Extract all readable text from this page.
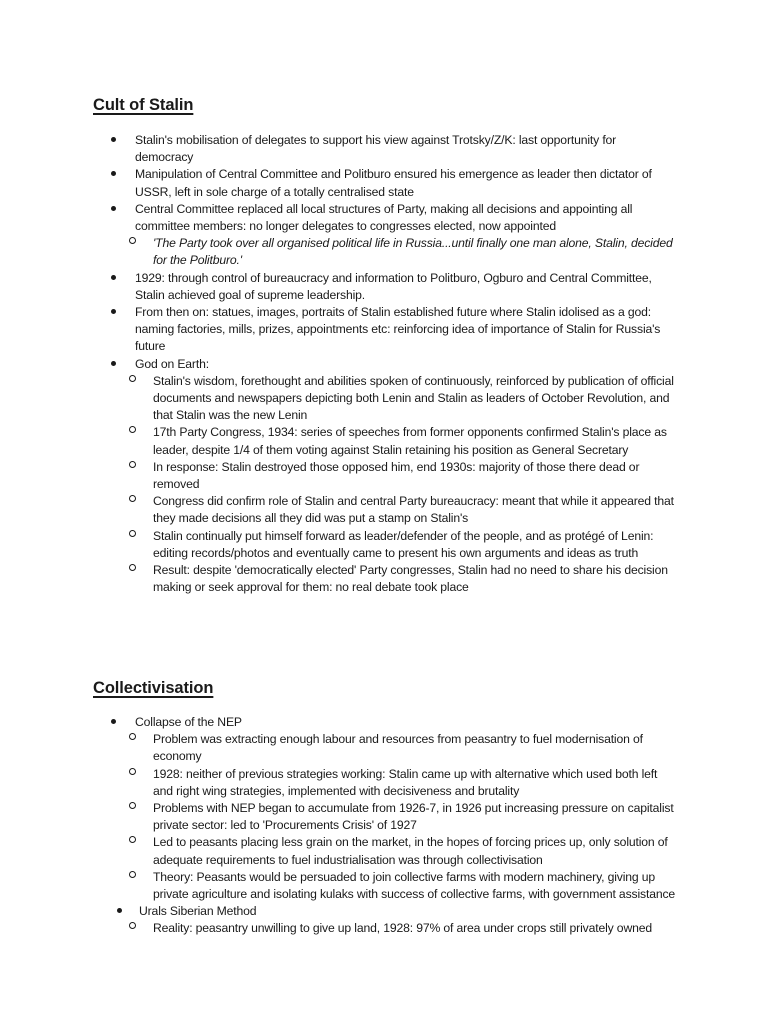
Cult of Stalin
Stalin's mobilisation of delegates to support his view against Trotsky/Z/K: last opportunity for democracy
Manipulation of Central Committee and Politburo ensured his emergence as leader then dictator of USSR, left in sole charge of a totally centralised state
Central Committee replaced all local structures of Party, making all decisions and appointing all committee members: no longer delegates to congresses elected, now appointed
'The Party took over all organised political life in Russia...until finally one man alone, Stalin, decided for the Politburo.'
1929: through control of bureaucracy and information to Politburo, Ogburo and Central Committee, Stalin achieved goal of supreme leadership.
From then on: statues, images, portraits of Stalin established future where Stalin idolised as a god: naming factories, mills, prizes, appointments etc: reinforcing idea of importance of Stalin for Russia's future
God on Earth:
Stalin's wisdom, forethought and abilities spoken of continuously, reinforced by publication of official documents and newspapers depicting both Lenin and Stalin as leaders of October Revolution, and that Stalin was the new Lenin
17th Party Congress, 1934: series of speeches from former opponents confirmed Stalin's place as leader, despite 1/4 of them voting against Stalin retaining his position as General Secretary
In response: Stalin destroyed those opposed him, end 1930s: majority of those there dead or removed
Congress did confirm role of Stalin and central Party bureaucracy: meant that while it appeared that they made decisions all they did was put a stamp on Stalin's
Stalin continually put himself forward as leader/defender of the people, and as protégé of Lenin: editing records/photos and eventually came to present his own arguments and ideas as truth
Result: despite 'democratically elected' Party congresses, Stalin had no need to share his decision making or seek approval for them: no real debate took place
Collectivisation
Collapse of the NEP
Problem was extracting enough labour and resources from peasantry to fuel modernisation of economy
1928: neither of previous strategies working: Stalin came up with alternative which used both left and right wing strategies, implemented with decisiveness and brutality
Problems with NEP began to accumulate from 1926-7, in 1926 put increasing pressure on capitalist private sector: led to 'Procurements Crisis' of 1927
Led to peasants placing less grain on the market, in the hopes of forcing prices up, only solution of adequate requirements to fuel industrialisation was through collectivisation
Theory: Peasants would be persuaded to join collective farms with modern machinery, giving up private agriculture and isolating kulaks with success of collective farms, with government assistance
Urals Siberian Method
Reality: peasantry unwilling to give up land, 1928: 97% of area under crops still privately owned
